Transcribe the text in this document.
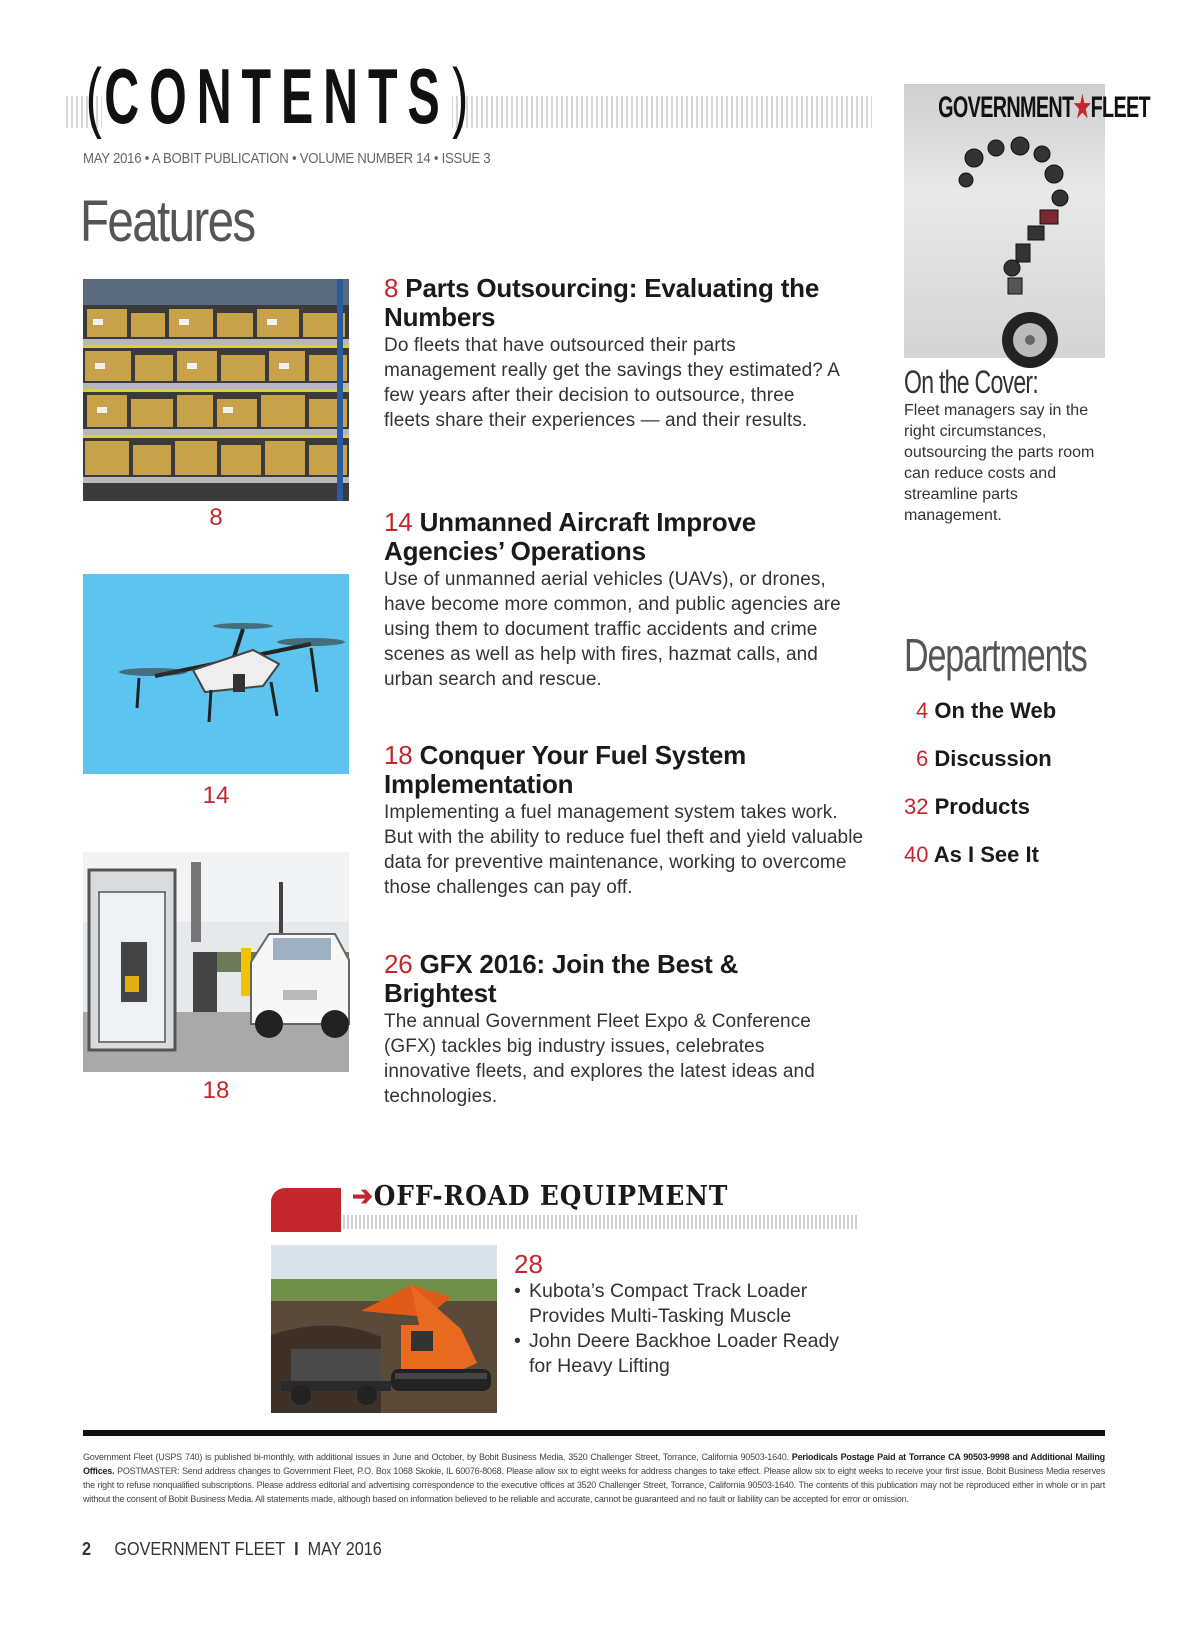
( CONTENTS )
MAY 2016 • A BOBIT PUBLICATION • VOLUME NUMBER 14 • ISSUE 3
Features
8
14
18
8 Parts Outsourcing: Evaluating the Numbers
Do fleets that have outsourced their parts management really get the savings they estimated? A few years after their decision to outsource, three fleets share their experiences — and their results.
14 Unmanned Aircraft Improve Agencies’ Operations
Use of unmanned aerial vehicles (UAVs), or drones, have become more common, and public agencies are using them to document traffic accidents and crime scenes as well as help with fires, hazmat calls, and urban search and rescue.
18 Conquer Your Fuel System Implementation
Implementing a fuel management system takes work. But with the ability to reduce fuel theft and yield valuable data for preventive maintenance, working to overcome those challenges can pay off.
26 GFX 2016: Join the Best & Brightest
The annual Government Fleet Expo & Conference (GFX) tackles big industry issues, celebrates innovative fleets, and explores the latest ideas and technologies.
GOVERNMENT★FLEET
On the Cover:
Fleet managers say in the right circumstances, outsourcing the parts room can reduce costs and streamline parts management.
Departments
4 On the Web
6 Discussion
32 Products
40 As I See It
➔OFF-ROAD EQUIPMENT
28
• Kubota’s Compact Track Loader Provides Multi-Tasking Muscle
• John Deere Backhoe Loader Ready for Heavy Lifting
Government Fleet (USPS 740) is published bi-monthly, with additional issues in June and October, by Bobit Business Media, 3520 Challenger Street, Torrance, California 90503-1640. Periodicals Postage Paid at Torrance CA 90503-9998 and Additional Mailing Offices. POSTMASTER: Send address changes to Government Fleet, P.O. Box 1068 Skokie, IL 60076-8068. Please allow six to eight weeks for address changes to take effect. Please allow six to eight weeks to receive your first issue. Bobit Business Media reserves the right to refuse nonqualified subscriptions. Please address editorial and advertising correspondence to the executive offices at 3520 Challenger Street, Torrance, California 90503-1640. The contents of this publication may not be reproduced either in whole or in part without the consent of Bobit Business Media. All statements made, although based on information believed to be reliable and accurate, cannot be guaranteed and no fault or liability can be accepted for error or omission.
2 GOVERNMENT FLEET I MAY 2016
